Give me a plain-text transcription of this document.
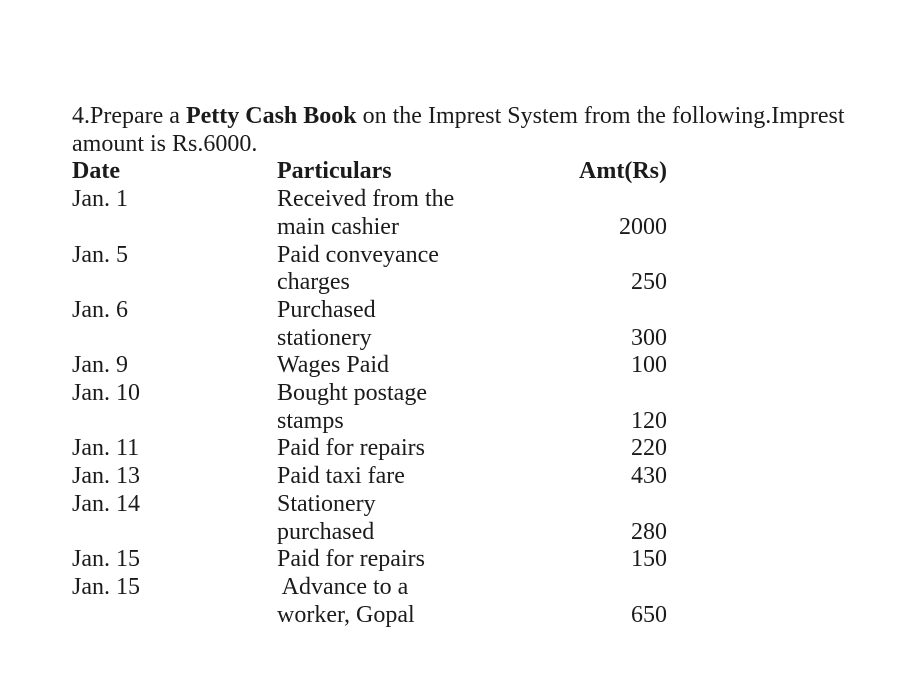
4.Prepare a Petty Cash Book on the Imprest System from the following.Imprest
amount is Rs.6000.
Date	Particulars	Amt(Rs)
Jan. 1	Received from the
main cashier	2000
Jan. 5	Paid conveyance
charges	250
Jan. 6	Purchased
stationery	300
Jan. 9	Wages Paid	100
Jan. 10	Bought postage
stamps	120
Jan. 11	Paid for repairs	220
Jan. 13	Paid taxi fare	430
Jan. 14	Stationery
purchased	280
Jan. 15	Paid for repairs	150
Jan. 15	Advance to a
worker, Gopal	650
